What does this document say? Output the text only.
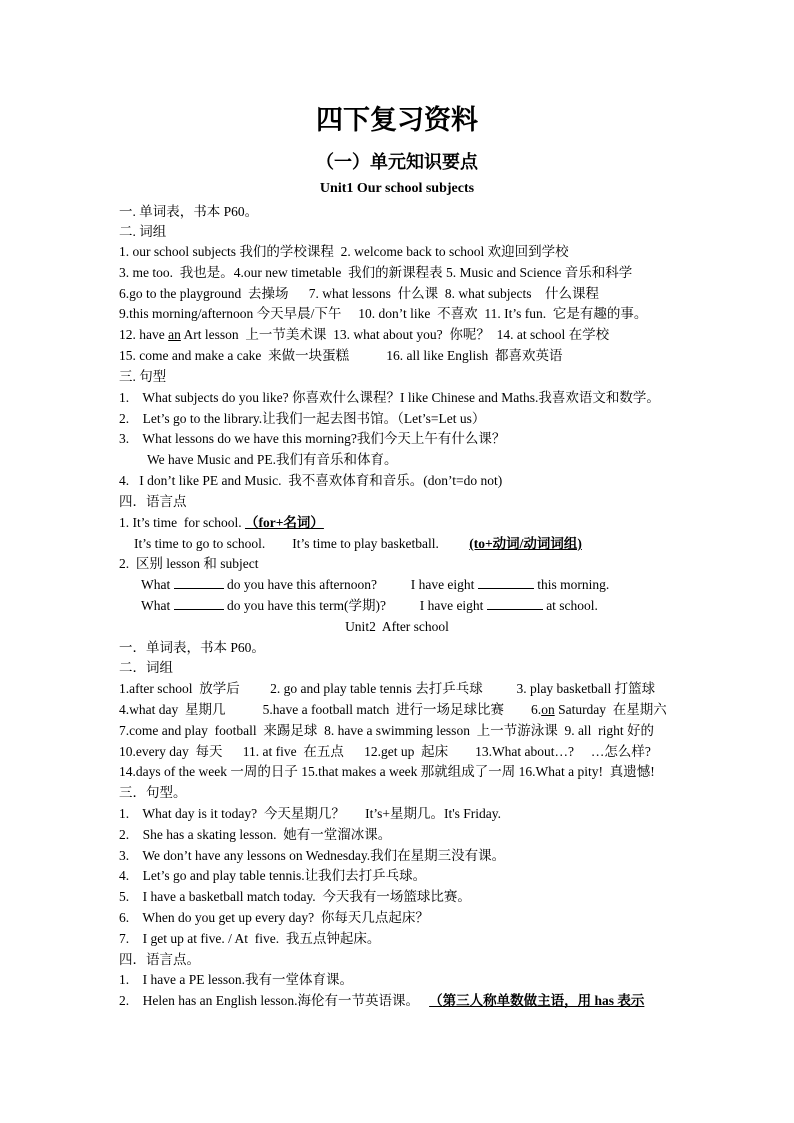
四下复习资料
（一）单元知识要点
Unit1 Our school subjects
一. 单词表，书本 P60。
二. 词组
1. our school subjects 我们的学校课程  2. welcome back to school 欢迎回到学校
3. me too.  我也是。4.our new timetable  我们的新课程表 5. Music and Science 音乐和科学
6.go to the playground  去操场      7. what lessons  什么课  8. what subjects    什么课程
9.this morning/afternoon 今天早晨/下午     10. don’t like  不喜欢  11. It’s fun.  它是有趣的事。
12. have an Art lesson  上一节美术课  13. what about you?  你呢？  14. at school 在学校
15. come and make a cake  来做一块蛋糕           16. all like English  都喜欢英语
三. 句型
1.    What subjects do you like? 你喜欢什么课程？I like Chinese and Maths.我喜欢语文和数学。
2.    Let’s go to the library.让我们一起去图书馆。（Let’s=Let us）
3.    What lessons do we have this morning?我们今天上午有什么课？
We have Music and PE.我们有音乐和体育。
4.   I don’t like PE and Music.  我不喜欢体育和音乐。(don’t=do not)
四．语言点
1. It’s time  for school. （for+名词）
It’s time to go to school.        It’s time to play basketball.         (to+动词/动词词组)
2.  区别 lesson 和 subject
What	do you have this afternoon?          I have eight	this morning.
What	do you have this term(学期)?          I have eight	at school.
Unit2  After school
一．单词表，书本 P60。
二．词组
1.after school  放学后         2. go and play table tennis 去打乒乓球          3. play basketball 打篮球
4.what day  星期几           5.have a football match  进行一场足球比赛        6.on Saturday  在星期六
7.come and play  football  来踢足球  8. have a swimming lesson  上一节游泳课  9. all  right 好的
10.every day  每天      11. at five  在五点      12.get up  起床        13.What about…?     …怎么样?
14.days of the week 一周的日子 15.that makes a week 那就组成了一周 16.What a pity!  真遗憾!
三．句型。
1.    What day is it today?  今天星期几？      It’s+星期几。It's Friday.
2.    She has a skating lesson.  她有一堂溜冰课。
3.    We don’t have any lessons on Wednesday.我们在星期三没有课。
4.    Let’s go and play table tennis.让我们去打乒乓球。
5.    I have a basketball match today.  今天我有一场篮球比赛。
6.    When do you get up every day?  你每天几点起床？
7.    I get up at five. / At  five.  我五点钟起床。
四．语言点。
1.    I have a PE lesson.我有一堂体育课。
2.    Helen has an English lesson.海伦有一节英语课。   （第三人称单数做主语，用 has 表示
